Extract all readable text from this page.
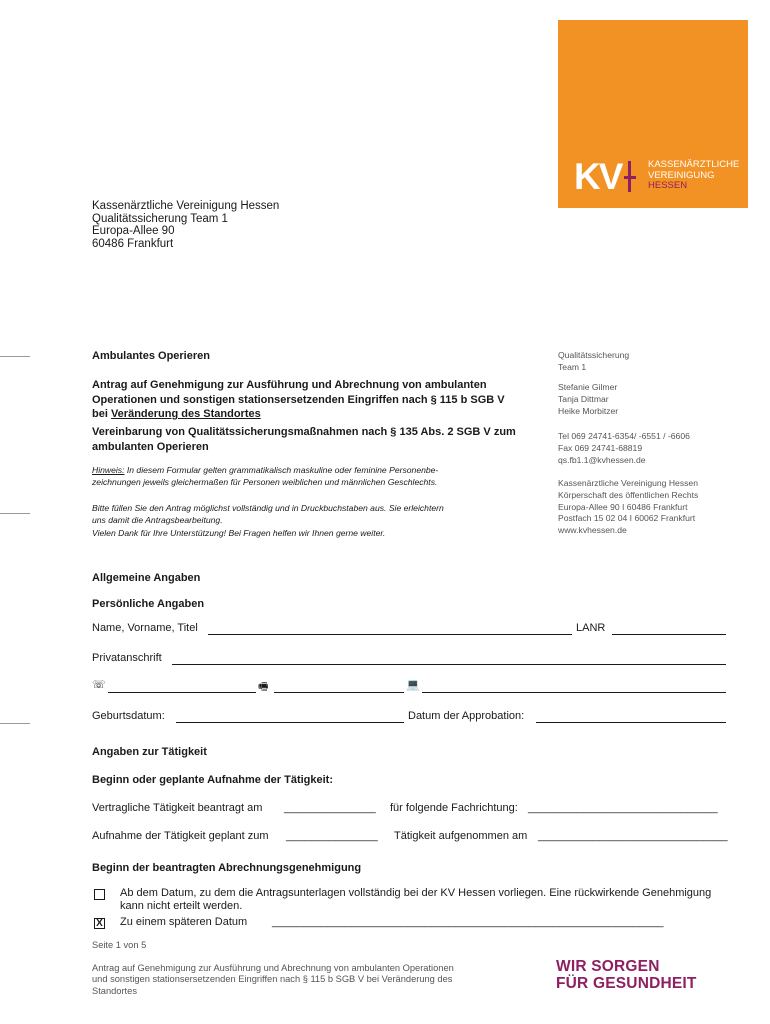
KV	KASSENÄRZTLICHE
VEREINIGUNG
HESSEN
Kassenärztliche Vereinigung Hessen
Qualitätssicherung Team 1
Europa-Allee 90
60486 Frankfurt
Ambulantes Operieren
Antrag auf Genehmigung zur Ausführung und Abrechnung von ambulanten
Operationen und sonstigen stationsersetzenden Eingriffen nach § 115 b SGB V
bei Veränderung des Standortes
Vereinbarung von Qualitätssicherungsmaßnahmen nach § 135 Abs. 2 SGB V zum
ambulanten Operieren
Hinweis: In diesem Formular gelten grammatikalisch maskuline oder feminine Personenbe-
zeichnungen jeweils gleichermaßen für Personen weiblichen und männlichen Geschlechts.
Bitte füllen Sie den Antrag möglichst vollständig und in Druckbuchstaben aus. Sie erleichtern
uns damit die Antragsbearbeitung.
Vielen Dank für Ihre Unterstützung! Bei Fragen helfen wir Ihnen gerne weiter.
Qualitätssicherung
Team 1
Stefanie Gilmer
Tanja Dittmar
Heike Morbitzer
Tel 069 24741-6354/ -6551 / -6606
Fax 069 24741-68819
qs.fb1.1@kvhessen.de
Kassenärztliche Vereinigung Hessen
Körperschaft des öffentlichen Rechts
Europa-Allee 90 I 60486 Frankfurt
Postfach 15 02 04 I 60062 Frankfurt
www.kvhessen.de
Allgemeine Angaben
Persönliche Angaben
Name, Vorname, Titel	LANR
Privatanschrift
☏	🖷	💻
Geburtsdatum:	Datum der Approbation:
Angaben zur Tätigkeit
Beginn oder geplante Aufnahme der Tätigkeit:
Vertragliche Tätigkeit beantragt am _______________ für folgende Fachrichtung: _______________________________
Aufnahme der Tätigkeit geplant zum _______________ Tätigkeit aufgenommen am _______________________________
Beginn der beantragten Abrechnungsgenehmigung
Ab dem Datum, zu dem die Antragsunterlagen vollständig bei der KV Hessen vorliegen. Eine rückwirkende Genehmigung
kann nicht erteilt werden.
X Zu einem späteren Datum ________________________________________________________________
Seite 1 von 5
Antrag auf Genehmigung zur Ausführung und Abrechnung von ambulanten Operationen
und sonstigen stationsersetzenden Eingriffen nach § 115 b SGB V bei Veränderung des
Standortes
WIR SORGEN
FÜR GESUNDHEIT
